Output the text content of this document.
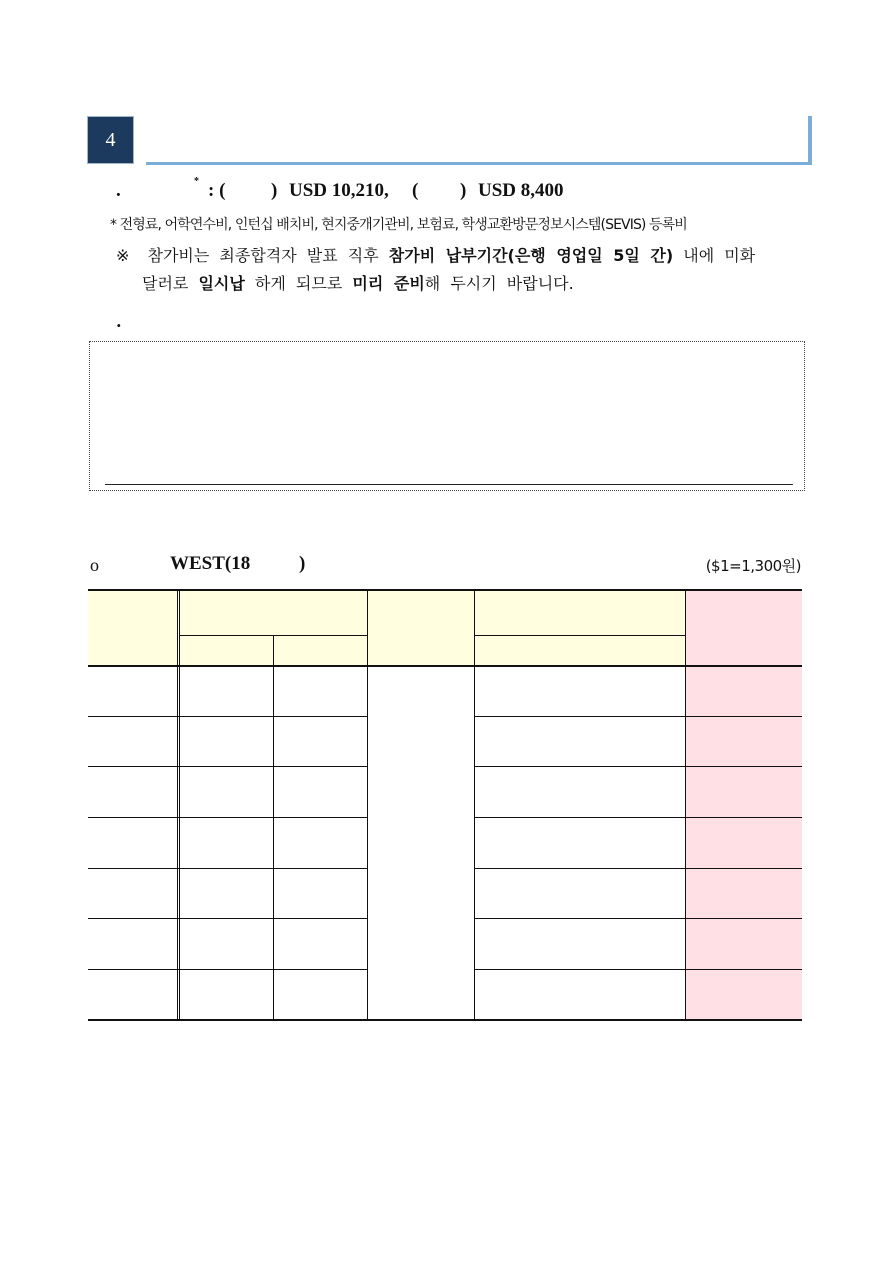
4
.	* : ( ) USD 10,210, ( ) USD 8,400
* 전형료, 어학연수비, 인턴십 배치비, 현지중개기관비, 보험료, 학생교환방문정보시스템(SEVIS) 등록비
※ 참가비는 최종합격자 발표 직후 참가비 납부기간(은행 영업일 5일 간) 내에 미화
달러로 일시납 하게 되므로 미리 준비해 두시기 바랍니다.
.
o	WEST(18	)	($1=1,300원)
